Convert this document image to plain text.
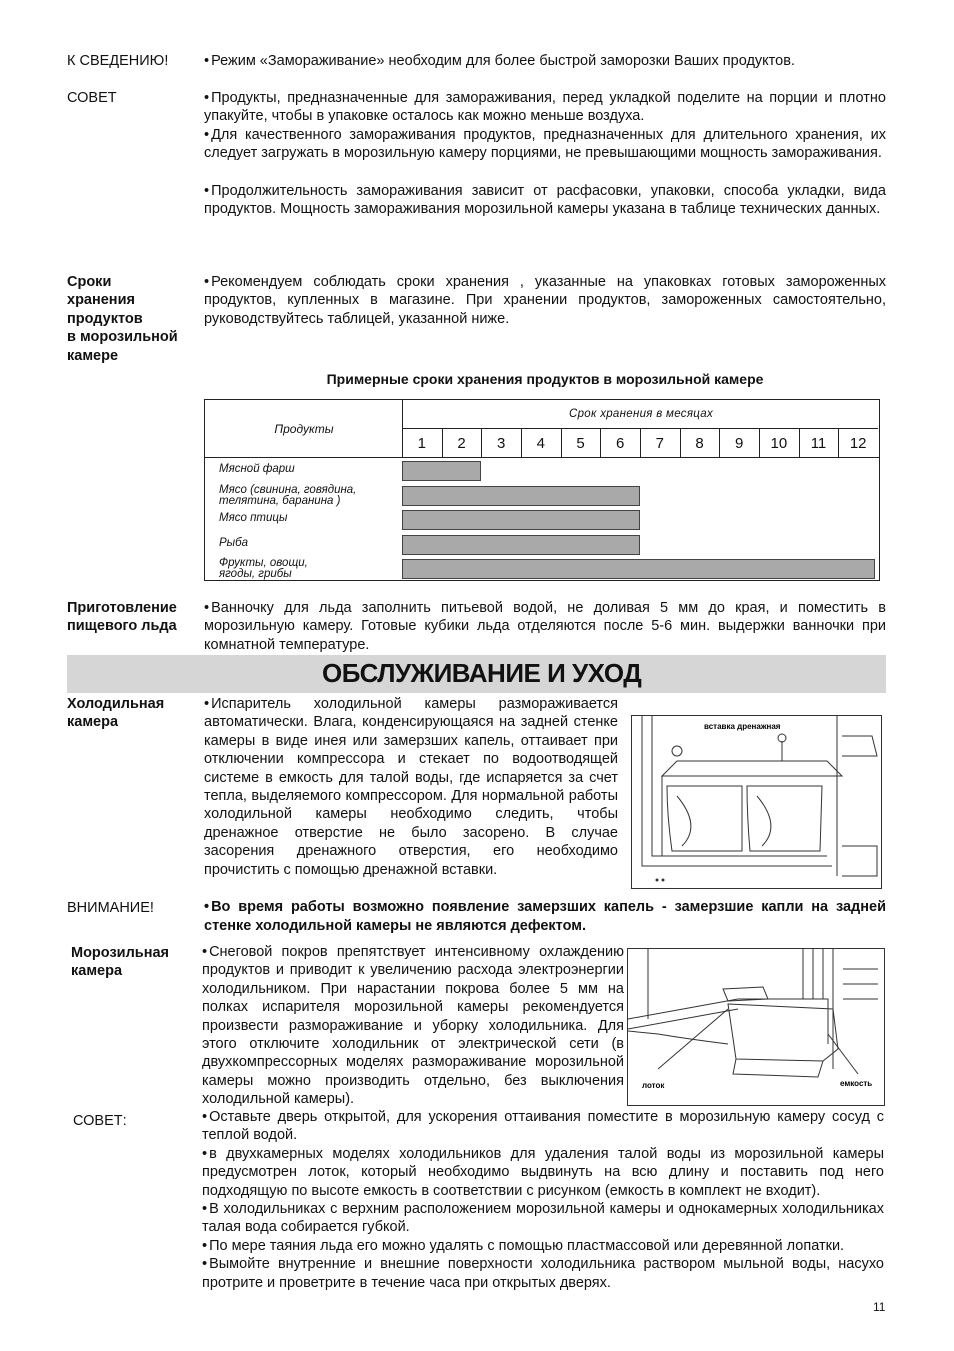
К СВЕДЕНИЮ!	• Режим «Замораживание» необходим для более быстрой заморозки Ваших продуктов.

СОВЕТ	• Продукты, предназначенные для замораживания, перед укладкой поделите на порции и плотно упакуйте, чтобы в упаковке осталось как можно меньше воздуха.

• Для качественного замораживания продуктов, предназначенных для длительного хранения, их следует загружать в морозильную камеру порциями, не превышающими мощность замораживания.

• Продолжительность замораживания зависит от расфасовки, упаковки, способа укладки, вида продуктов. Мощность замораживания морозильной камеры указана в таблице технических данных.

Сроки
хранения
продуктов
в морозильной
камере

• Рекомендуем соблюдать сроки хранения , указанные на упаковках готовых замороженных продуктов, купленных в магазине. При хранении продуктов, замороженных самостоятельно, руководствуйтесь таблицей, указанной ниже.

Примерные сроки хранения продуктов в морозильной камере
Продукты
Срок хранения в месяцах
1	2	3	4	5	6	7	8	9	10	11	12
Мясной фарш
Мясо (свинина, говядина,
телятина, баранина )
Мясо птицы
Рыба
Фрукты, овощи,
ягоды, грибы
Приготовление
пищевого льда

• Ванночку для льда заполнить питьевой водой, не доливая 5 мм до края, и поместить в морозильную камеру. Готовые кубики льда отделяются после 5-6 мин. выдержки ванночки при комнатной температуре.

ОБСЛУЖИВАНИЕ И УХОД
Холодильная
камера

• Испаритель холодильной камеры размораживается автоматически. Влага, конденсирующаяся на задней стенке камеры в виде инея или замерзших капель, оттаивает при отключении компрессора и стекает по водоотводящей системе в емкость для талой воды, где испаряется за счет тепла, выделяемого компрессором. Для нормальной работы холодильной камеры необходимо следить, чтобы дренажное отверстие не было засорено. В случае засорения дренажного отверстия, его необходимо прочистить с помощью дренажной вставки.

вставка дренажная
ВНИМАНИЕ!	• Во время работы возможно появление замерзших капель - замерзшие капли на задней стенке холодильной камеры не являются дефектом.

Морозильная
камера

• Снеговой покров препятствует интенсивному охлаждению продуктов и приводит к увеличению расхода электроэнергии холодильником. При нарастании покрова более 5 мм на полках испарителя морозильной камеры рекомендуется произвести размораживание и уборку холодильника. Для этого отключите холодильник от электрической сети (в двухкомпрессорных моделях размораживание морозильной камеры можно производить отдельно, без выключения холодильной камеры).

лоток	емкость
СОВЕТ:	• Оставьте дверь открытой, для ускорения оттаивания поместите в морозильную камеру сосуд с теплой водой.

• в двухкамерных моделях холодильников для удаления талой воды из морозильной камеры предусмотрен лоток, который необходимо выдвинуть на всю длину и поставить под него подходящую по высоте емкость в соответствии с рисунком (емкость в комплект не входит).

• В холодильниках с верхним расположением морозильной камеры и однокамерных холодильниках талая вода собирается губкой.

• По мере таяния льда его можно удалять с помощью пластмассовой или деревянной лопатки.

• Вымойте внутренние и внешние поверхности холодильника раствором мыльной воды, насухо протрите и проветрите в течение часа при открытых дверях.

11
